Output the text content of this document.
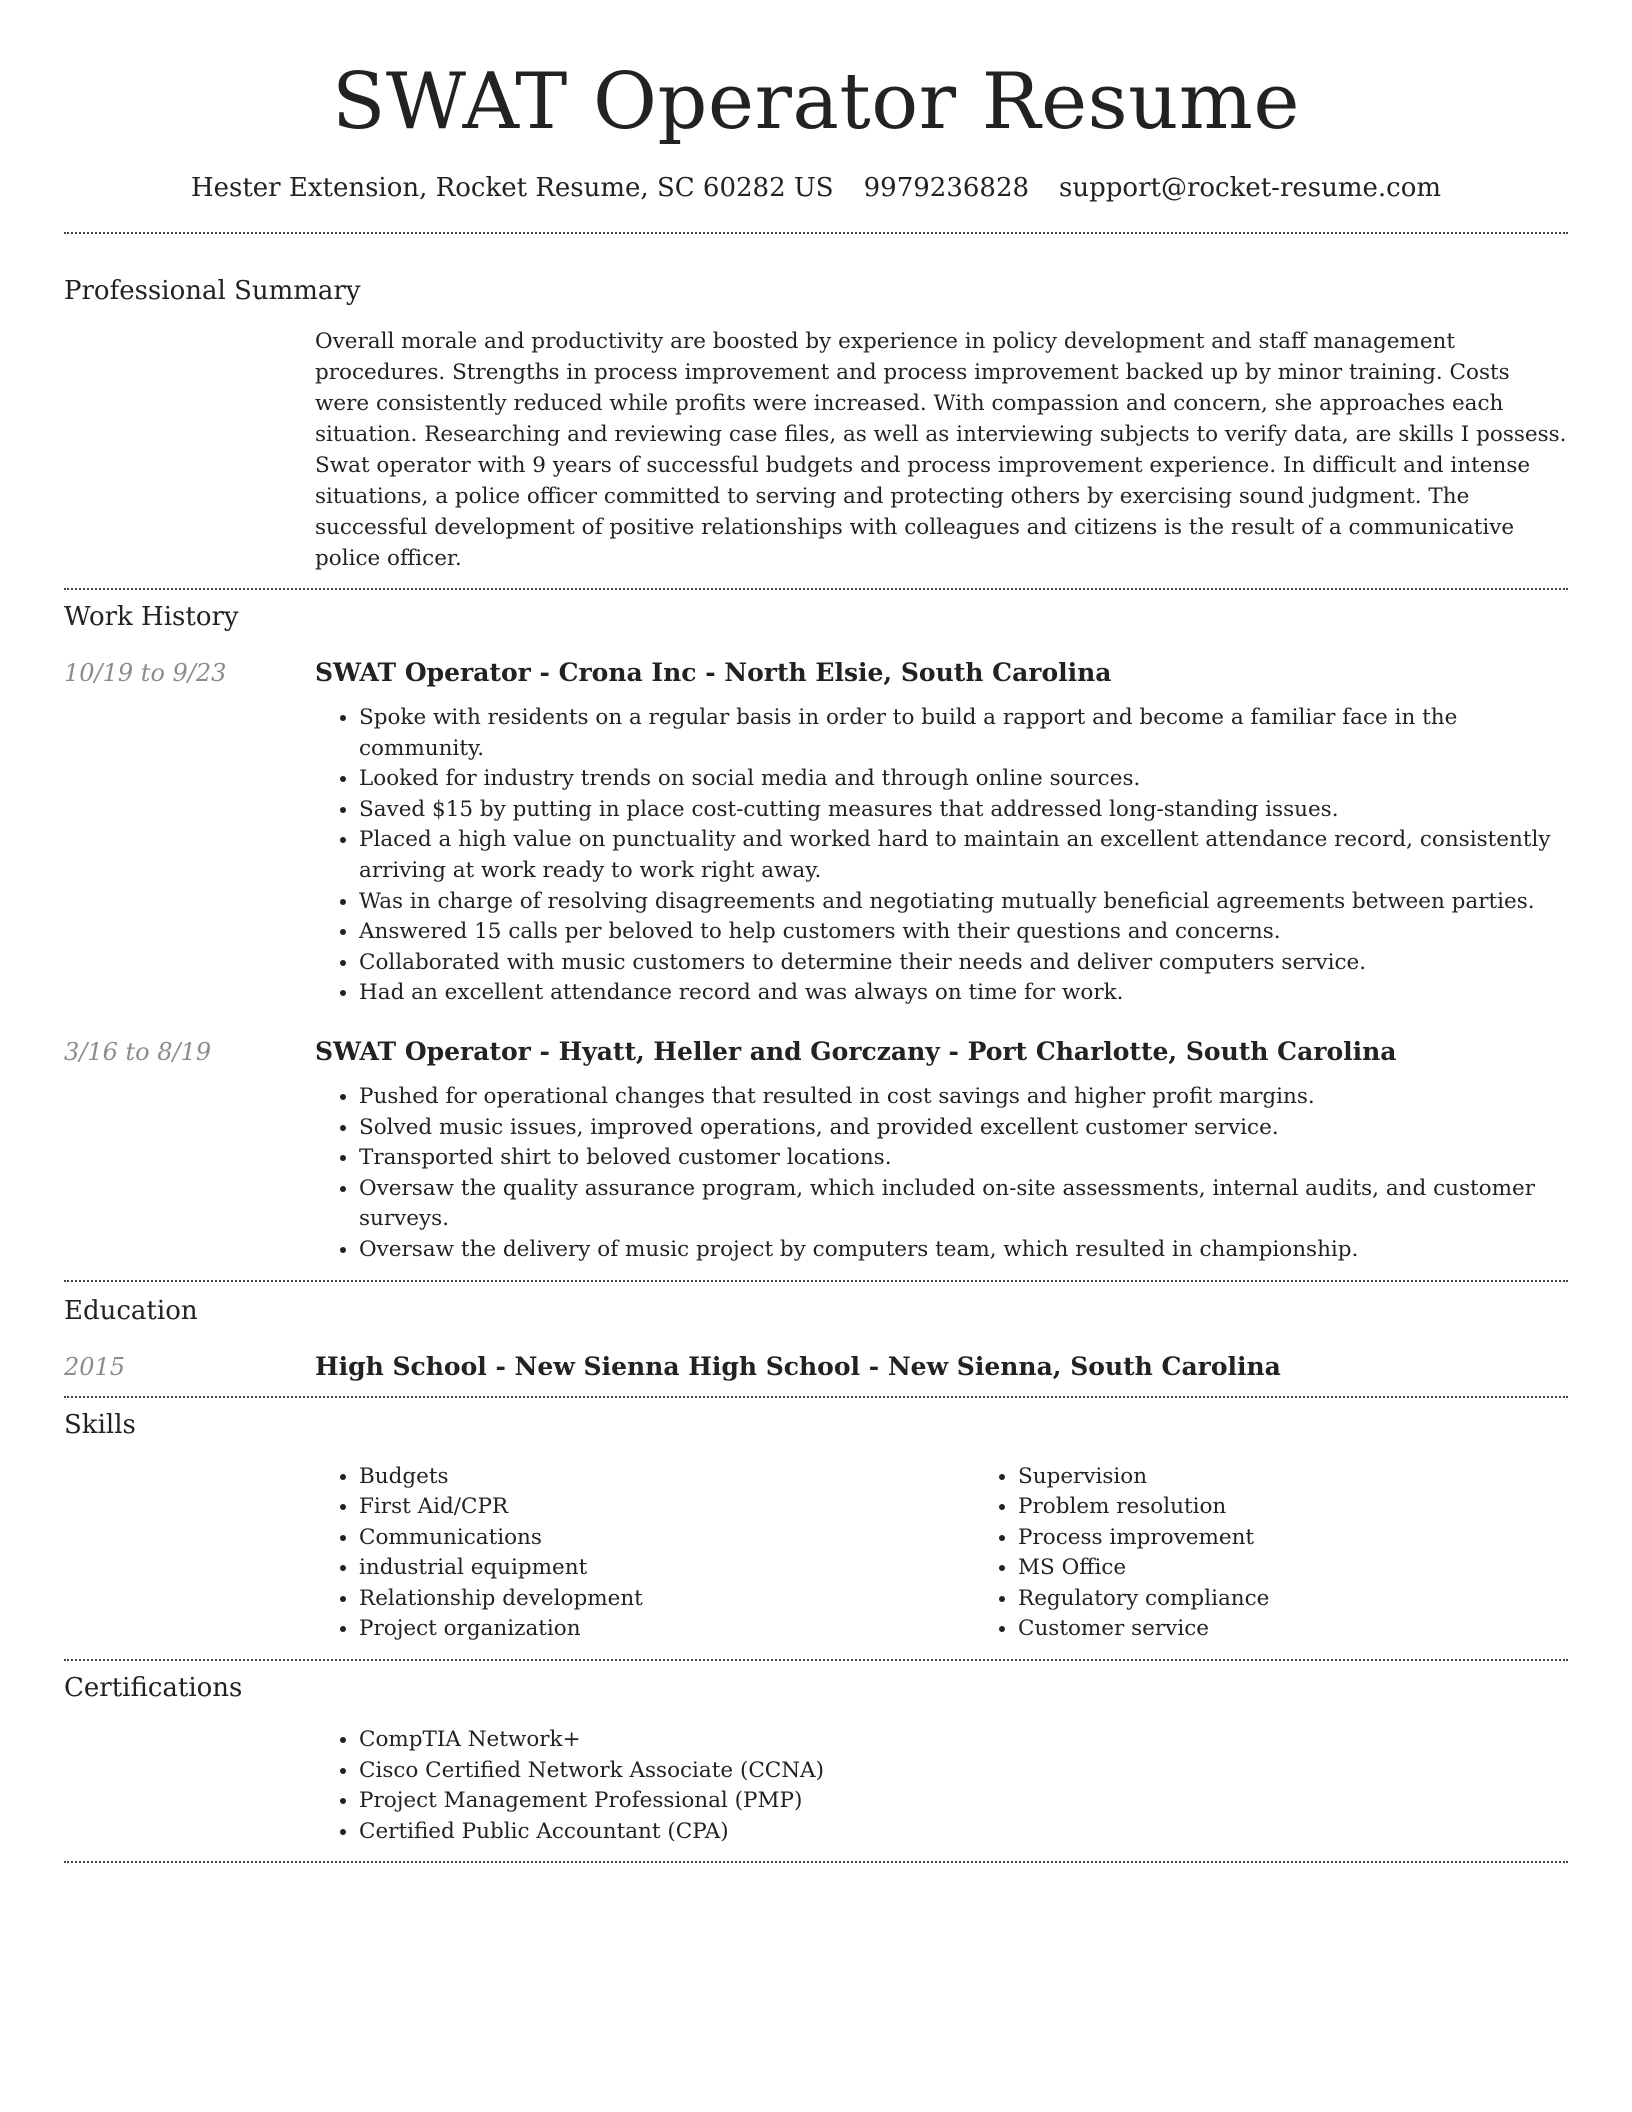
SWAT Operator Resume
Hester Extension, Rocket Resume, SC 60282 US 9979236828 support@rocket-resume.com
Professional Summary

Overall morale and productivity are boosted by experience in policy development and staff management procedures. Strengths in process improvement and process improvement backed up by minor training. Costs were consistently reduced while profits were increased. With compassion and concern, she approaches each situation. Researching and reviewing case files, as well as interviewing subjects to verify data, are skills I possess. Swat operator with 9 years of successful budgets and process improvement experience. In difficult and intense situations, a police officer committed to serving and protecting others by exercising sound judgment. The successful development of positive relationships with colleagues and citizens is the result of a communicative police officer.

Work History
10/19 to 9/23	SWAT Operator - Crona Inc - North Elsie, South Carolina
• Spoke with residents on a regular basis in order to build a rapport and become a familiar face in the community.
• Looked for industry trends on social media and through online sources.
• Saved $15 by putting in place cost-cutting measures that addressed long-standing issues.
• Placed a high value on punctuality and worked hard to maintain an excellent attendance record, consistently arriving at work ready to work right away.
• Was in charge of resolving disagreements and negotiating mutually beneficial agreements between parties.
• Answered 15 calls per beloved to help customers with their questions and concerns.
• Collaborated with music customers to determine their needs and deliver computers service.
• Had an excellent attendance record and was always on time for work.
3/16 to 8/19	SWAT Operator - Hyatt, Heller and Gorczany - Port Charlotte, South Carolina
• Pushed for operational changes that resulted in cost savings and higher profit margins.
• Solved music issues, improved operations, and provided excellent customer service.
• Transported shirt to beloved customer locations.
• Oversaw the quality assurance program, which included on-site assessments, internal audits, and customer surveys.
• Oversaw the delivery of music project by computers team, which resulted in championship.
Education
2015	High School - New Sienna High School - New Sienna, South Carolina
Skills
• Budgets
• First Aid/CPR
• Communications
• industrial equipment
• Relationship development
• Project organization
• Supervision
• Problem resolution
• Process improvement
• MS Office
• Regulatory compliance
• Customer service
Certifications
• CompTIA Network+
• Cisco Certified Network Associate (CCNA)
• Project Management Professional (PMP)
• Certified Public Accountant (CPA)
